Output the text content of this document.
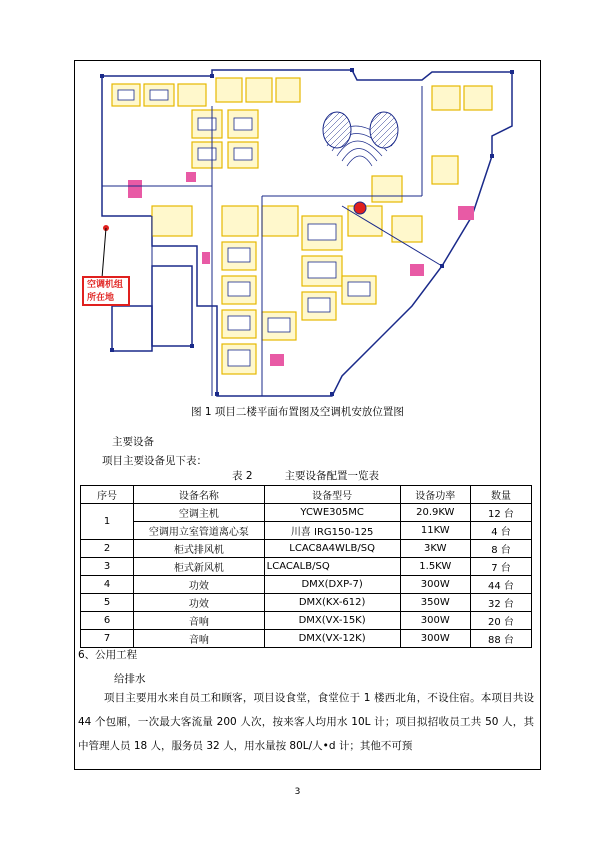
空调机组
所在地
图 1 项目二楼平面布置图及空调机安放位置图
主要设备
项目主要设备见下表：
表 2	主要设备配置一览表
序号	设备名称	设备型号	设备功率	数量
1	空调主机	YCWE305MC	20.9KW	12 台
	空调用立室管道离心泵	川喜 IRG150-125	11KW	4 台
2	柜式排风机	LCAC8A4WLB/SQ	3KW	8 台
3	柜式新风机	LCACALB/SQ	1.5KW	7 台
4	功效	DMX(DXP-7)	300W	44 台
5	功效	DMX(KX-612)	350W	32 台
6	音响	DMX(VX-15K)	300W	20 台
7	音响	DMX(VX-12K)	300W	88 台
6、公用工程
给排水
项目主要用水来自员工和顾客，项目设食堂，食堂位于 1 楼西北角，不设住宿。本项目共设 44 个包厢，一次最大客流量 200 人次，按来客人均用水 10L 计；项目拟招收员工共 50 人，其中管理人员 18 人，服务员 32 人，用水量按 80L/人•d 计；其他不可预
3
